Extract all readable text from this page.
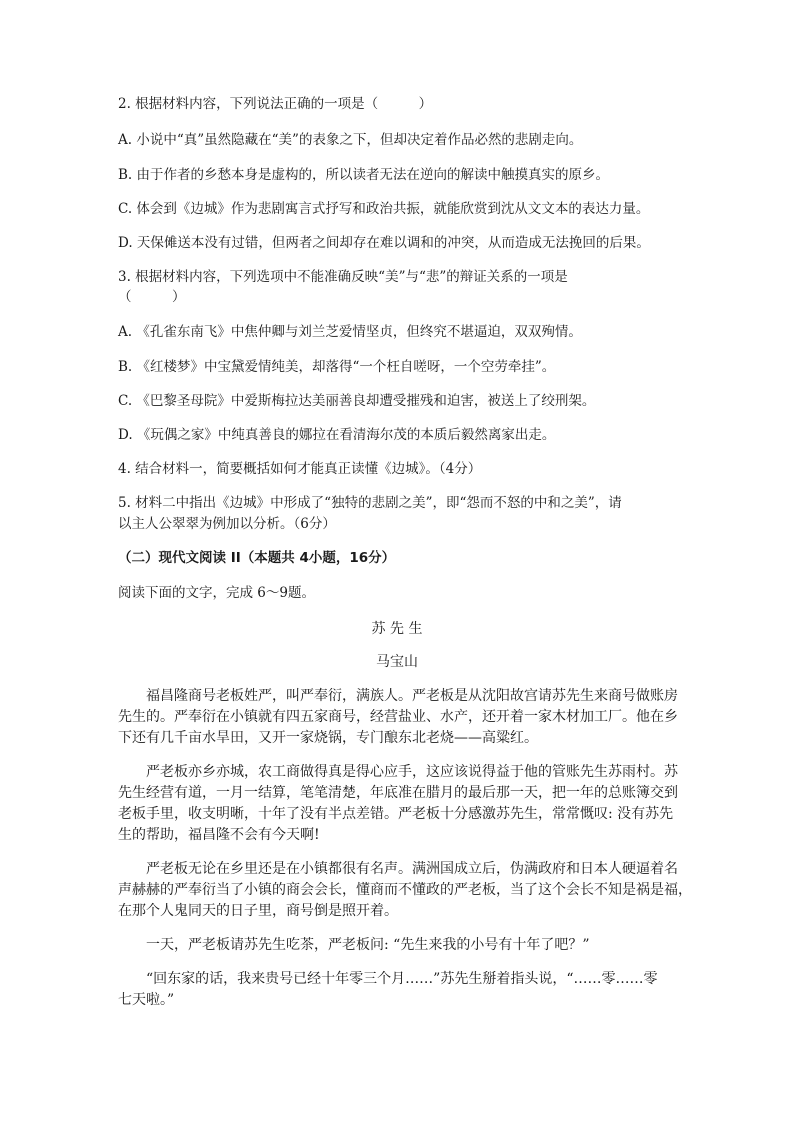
2. 根据材料内容，下列说法正确的一项是（　　　）
A. 小说中“真”虽然隐藏在“美”的表象之下，但却决定着作品必然的悲剧走向。
B. 由于作者的乡愁本身是虚构的，所以读者无法在逆向的解读中触摸真实的原乡。
C. 体会到《边城》作为悲剧寓言式抒写和政治共振，就能欣赏到沈从文文本的表达力量。
D. 天保傩送本没有过错，但两者之间却存在难以调和的冲突，从而造成无法挽回的后果。
3. 根据材料内容，下列选项中不能准确反映“美”与“悲”的辩证关系的一项是
（　　　）
A. 《孔雀东南飞》中焦仲卿与刘兰芝爱情坚贞，但终究不堪逼迫，双双殉情。
B. 《红楼梦》中宝黛爱情纯美，却落得“一个枉自嗟呀，一个空劳牵挂”。
C. 《巴黎圣母院》中爱斯梅拉达美丽善良却遭受摧残和迫害，被送上了绞刑架。
D. 《玩偶之家》中纯真善良的娜拉在看清海尔茂的本质后毅然离家出走。
4. 结合材料一，简要概括如何才能真正读懂《边城》。（4分）
5. 材料二中指出《边城》中形成了“独特的悲剧之美”，即“怨而不怒的中和之美”，请
以主人公翠翠为例加以分析。（6分）
（二）现代文阅读 II（本题共 4小题，16分）
阅读下面的文字，完成 6～9题。
苏 先 生
马宝山
福昌隆商号老板姓严，叫严奉衍，满族人。严老板是从沈阳故宫请苏先生来商号做账房
先生的。严奉衍在小镇就有四五家商号，经营盐业、水产，还开着一家木材加工厂。他在乡
下还有几千亩水旱田，又开一家烧锅，专门酿东北老烧——高粱红。
严老板亦乡亦城，农工商做得真是得心应手，这应该说得益于他的管账先生苏雨村。苏
先生经营有道，一月一结算，笔笔清楚，年底准在腊月的最后那一天，把一年的总账簿交到
老板手里，收支明晰，十年了没有半点差错。严老板十分感激苏先生，常常慨叹: 没有苏先
生的帮助，福昌隆不会有今天啊!
严老板无论在乡里还是在小镇都很有名声。满洲国成立后，伪满政府和日本人硬逼着名
声赫赫的严奉衍当了小镇的商会会长，懂商而不懂政的严老板，当了这个会长不知是祸是福，
在那个人鬼同天的日子里，商号倒是照开着。
一天，严老板请苏先生吃茶，严老板问: “先生来我的小号有十年了吧？”
“回东家的话，我来贵号已经十年零三个月……”苏先生掰着指头说，“……零……零
七天啦。”
